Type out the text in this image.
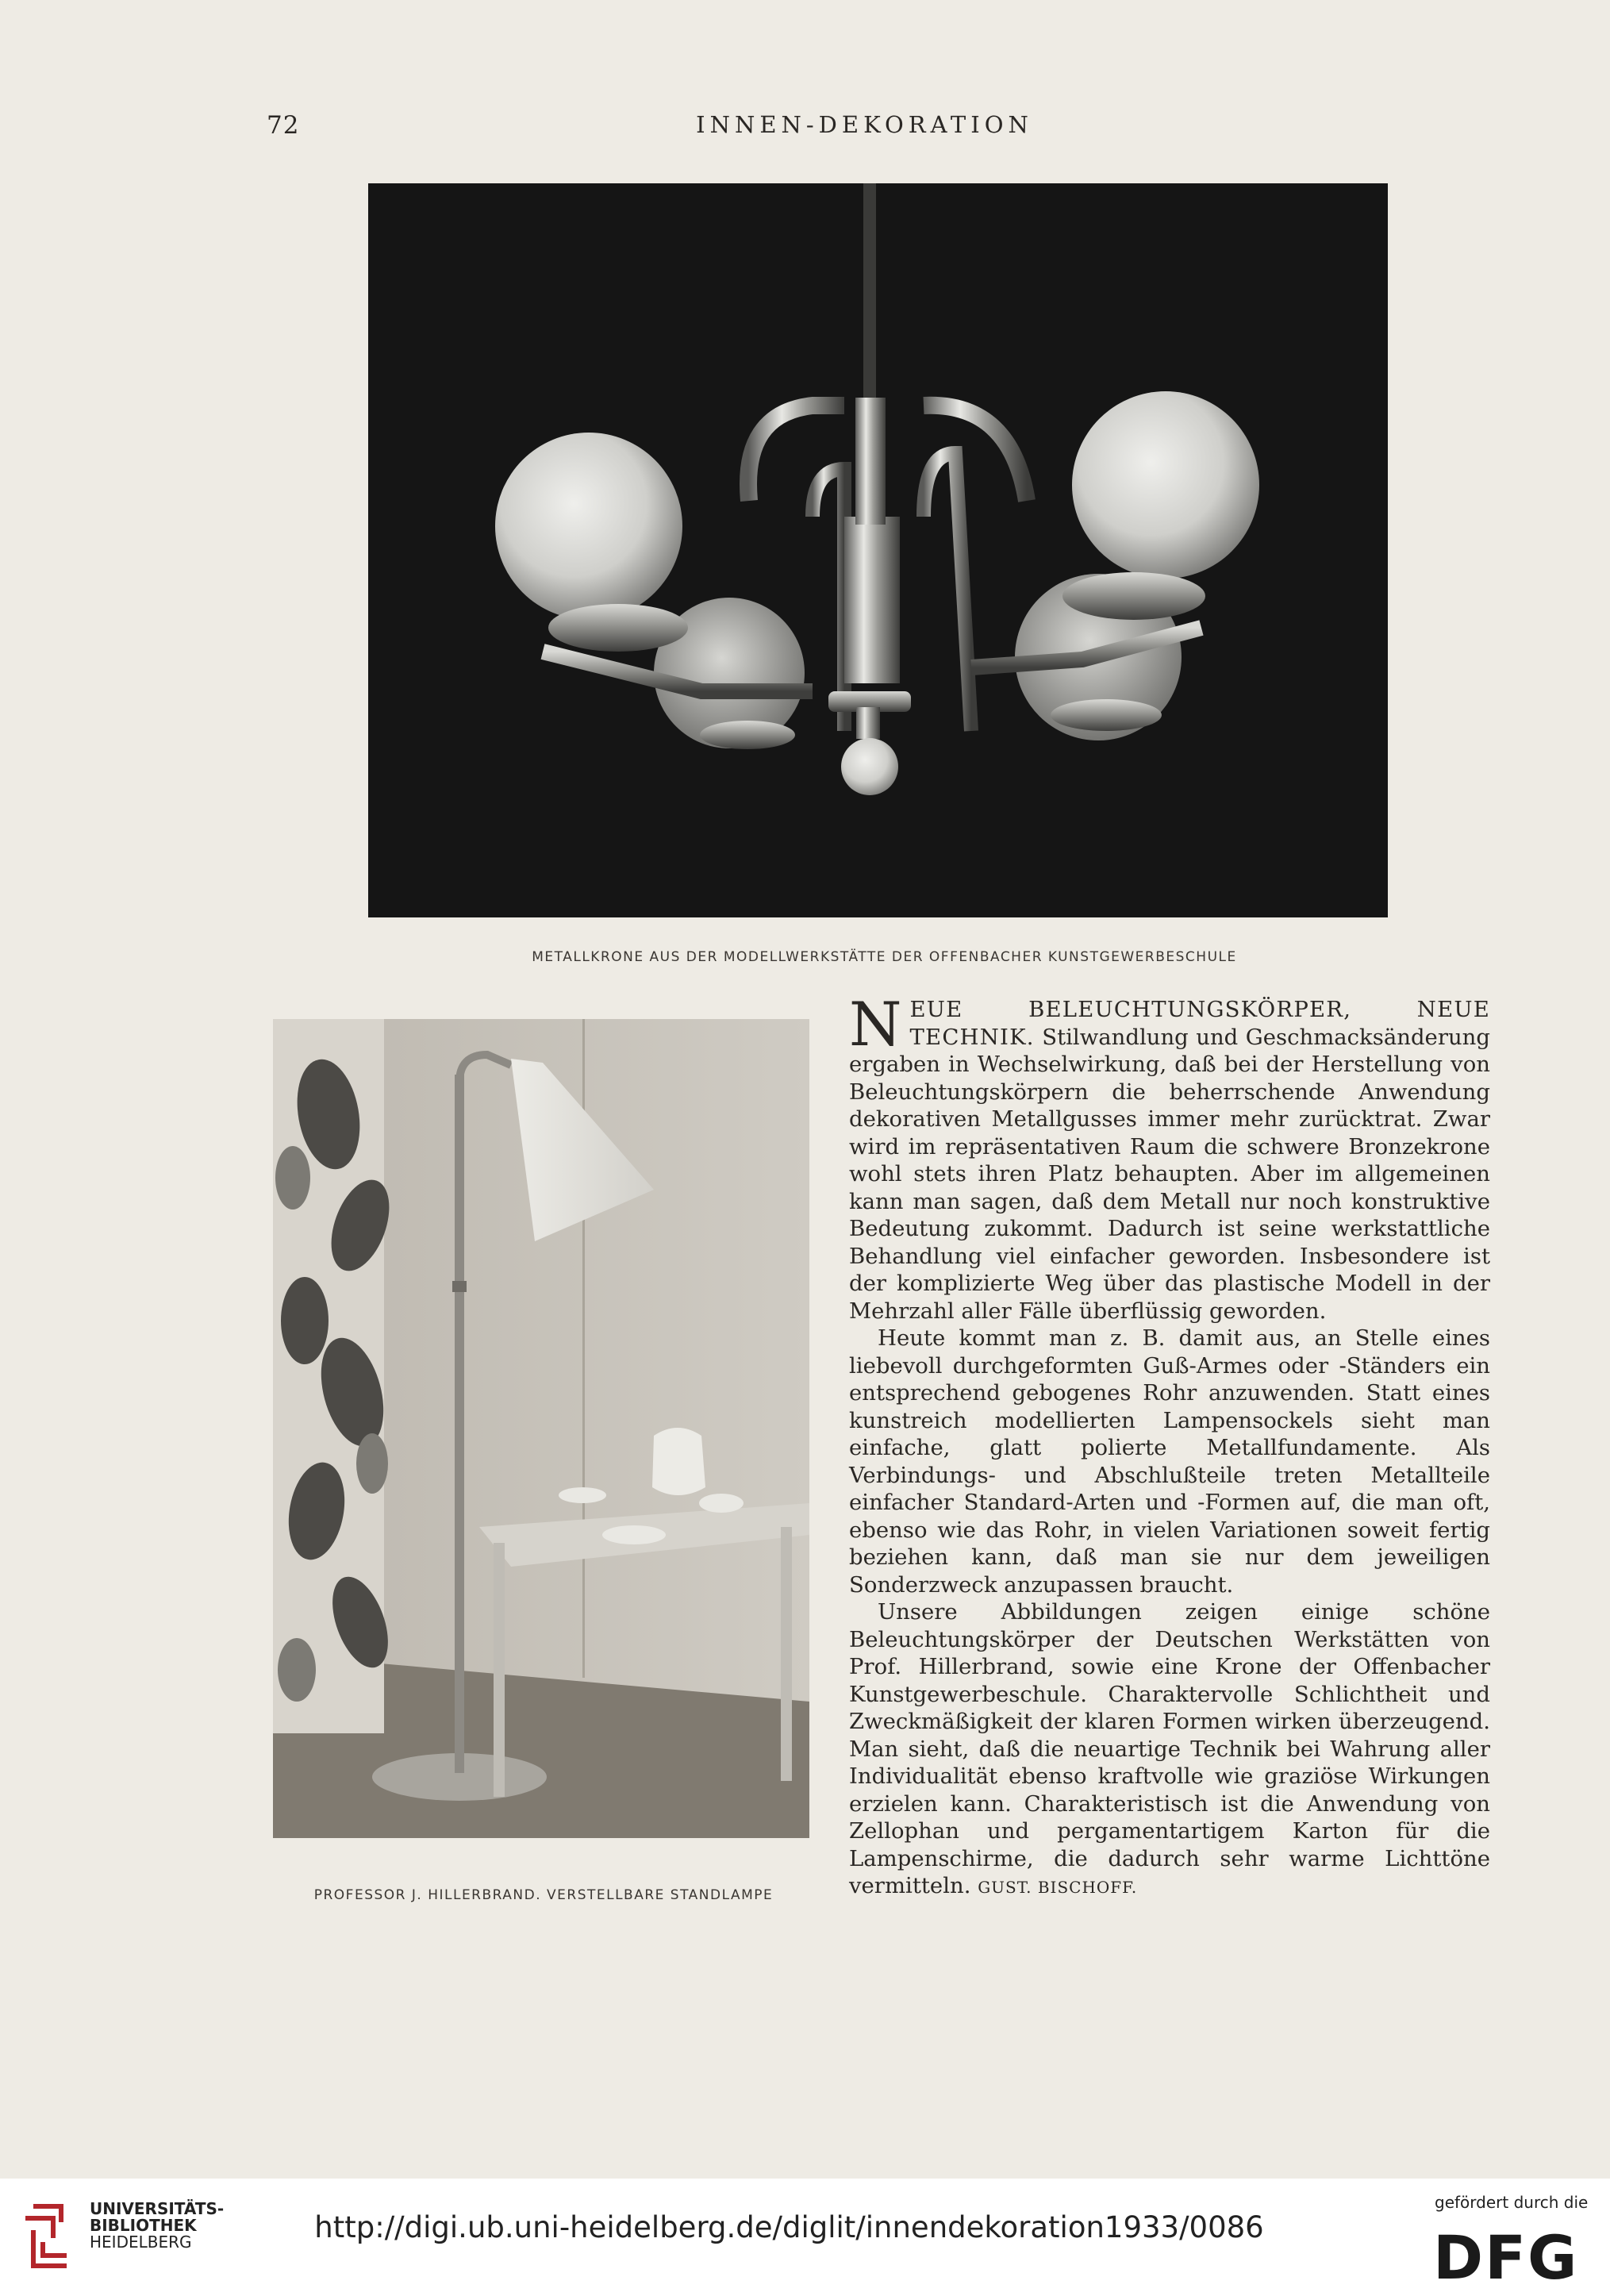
72	INNEN-DEKORATION
METALLKRONE AUS DER MODELLWERKSTÄTTE DER OFFENBACHER KUNSTGEWERBESCHULE
PROFESSOR J. HILLERBRAND. VERSTELLBARE STANDLAMPE

N EUE BELEUCHTUNGSKÖRPER, NEUE TECHNIK. Stilwandlung und Geschmacksänderung ergaben in Wechselwirkung, daß bei der Herstellung von Beleuchtungskörpern die beherrschende Anwendung dekorativen Metallgusses immer mehr zurücktrat. Zwar wird im repräsentativen Raum die schwere Bronzekrone wohl stets ihren Platz behaupten. Aber im allgemeinen kann man sagen, daß dem Metall nur noch konstruktive Bedeutung zukommt. Dadurch ist seine werkstattliche Behandlung viel einfacher geworden. Insbesondere ist der komplizierte Weg über das plastische Modell in der Mehrzahl aller Fälle überflüssig geworden.

Heute kommt man z. B. damit aus, an Stelle eines liebevoll durchgeformten Guß-Armes oder -Ständers ein entsprechend gebogenes Rohr anzuwenden. Statt eines kunstreich modellierten Lampensockels sieht man einfache, glatt polierte Metallfundamente. Als Verbindungs- und Abschlußteile treten Metallteile einfacher Standard-Arten und -Formen auf, die man oft, ebenso wie das Rohr, in vielen Variationen soweit fertig beziehen kann, daß man sie nur dem jeweiligen Sonderzweck anzupassen braucht.

Unsere Abbildungen zeigen einige schöne Beleuchtungskörper der Deutschen Werkstätten von Prof. Hillerbrand, sowie eine Krone der Offenbacher Kunstgewerbeschule. Charaktervolle Schlichtheit und Zweckmäßigkeit der klaren Formen wirken überzeugend. Man sieht, daß die neuartige Technik bei Wahrung aller Individualität ebenso kraftvolle wie graziöse Wirkungen erzielen kann. Charakteristisch ist die Anwendung von Zellophan und pergamentartigem Karton für die Lampenschirme, die dadurch sehr warme Lichttöne vermitteln. GUST. BISCHOFF.

UNIVERSITÄTS-
BIBLIOTHEK
HEIDELBERG	http://digi.ub.uni-heidelberg.de/diglit/innendekoration1933/0086
gefördert durch die
DFG
